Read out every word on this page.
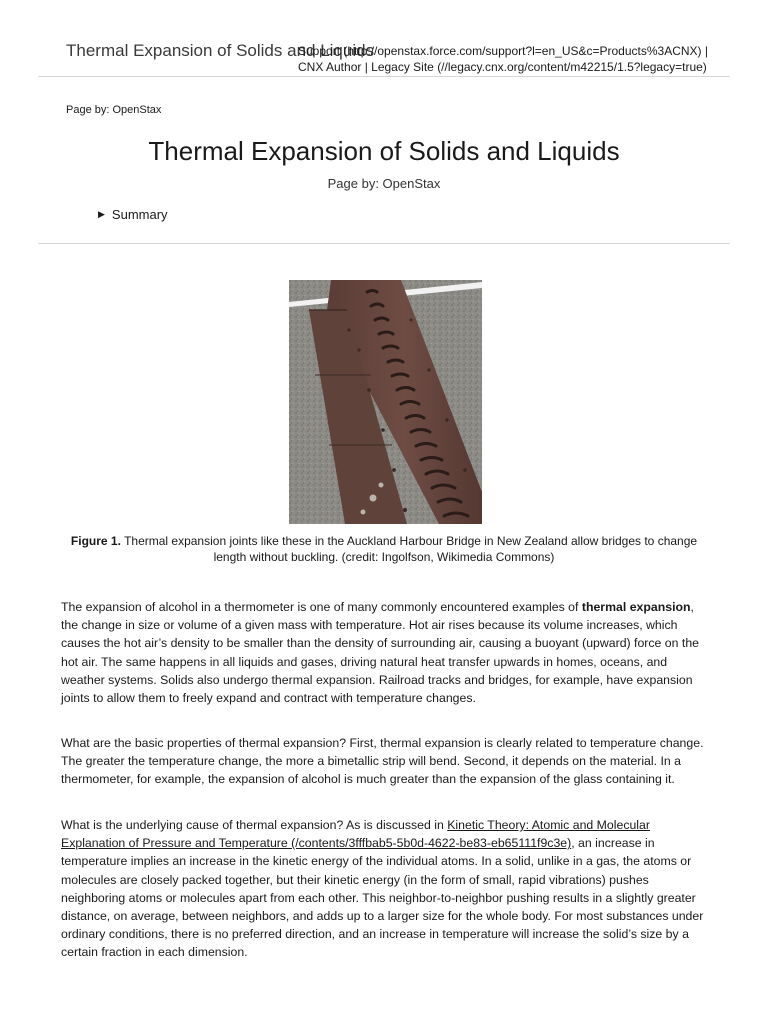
Thermal Expansion of Solids and Liquids

Support (http://openstax.force.com/support?l=en_US&c=Products%3ACNX) |

CNX Author | Legacy Site (//legacy.cnx.org/content/m42215/1.5?legacy=true)

Page by: OpenStax

Thermal Expansion of Solids and Liquids

Page by: OpenStax

▶ Summary

Figure 1. Thermal expansion joints like these in the Auckland Harbour Bridge in New Zealand allow bridges to change length without buckling. (credit: Ingolfson, Wikimedia Commons)

The expansion of alcohol in a thermometer is one of many commonly encountered examples of thermal expansion, the change in size or volume of a given mass with temperature. Hot air rises because its volume increases, which causes the hot air’s density to be smaller than the density of surrounding air, causing a buoyant (upward) force on the hot air. The same happens in all liquids and gases, driving natural heat transfer upwards in homes, oceans, and weather systems. Solids also undergo thermal expansion. Railroad tracks and bridges, for example, have expansion joints to allow them to freely expand and contract with temperature changes.

What are the basic properties of thermal expansion? First, thermal expansion is clearly related to temperature change. The greater the temperature change, the more a bimetallic strip will bend. Second, it depends on the material. In a thermometer, for example, the expansion of alcohol is much greater than the expansion of the glass containing it.

What is the underlying cause of thermal expansion? As is discussed in Kinetic Theory: Atomic and Molecular Explanation of Pressure and Temperature (/contents/3fffbab5-5b0d-4622-be83-eb65111f9c3e), an increase in temperature implies an increase in the kinetic energy of the individual atoms. In a solid, unlike in a gas, the atoms or molecules are closely packed together, but their kinetic energy (in the form of small, rapid vibrations) pushes neighboring atoms or molecules apart from each other. This neighbor-to-neighbor pushing results in a slightly greater distance, on average, between neighbors, and adds up to a larger size for the whole body. For most substances under ordinary conditions, there is no preferred direction, and an increase in temperature will increase the solid’s size by a certain fraction in each dimension.
